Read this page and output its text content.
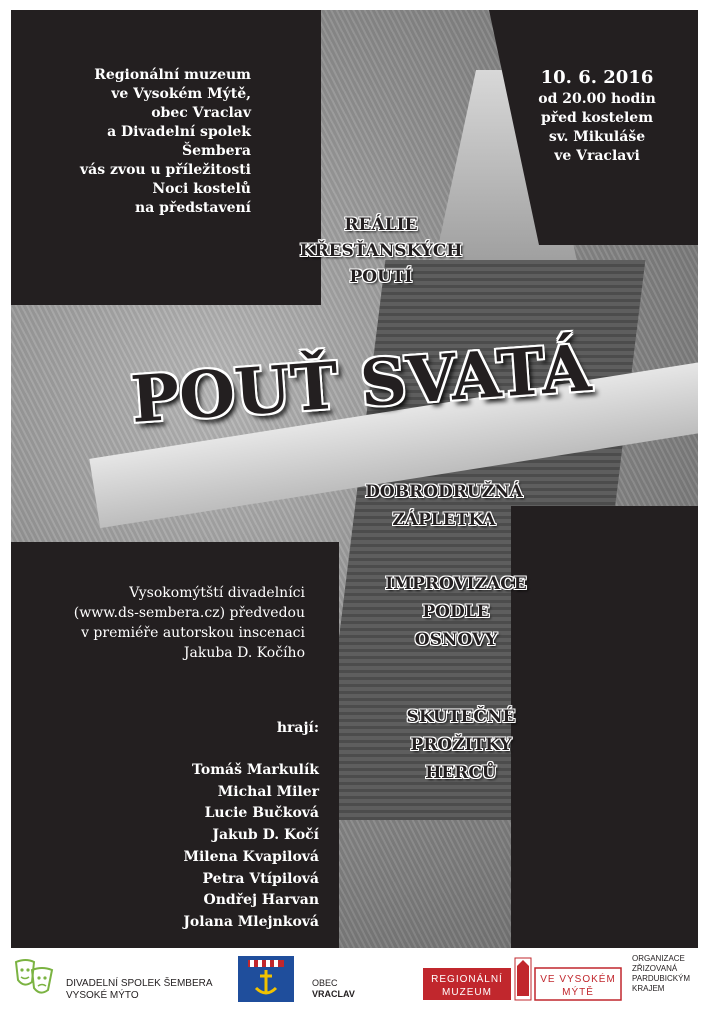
Regionální muzeum
ve Vysokém Mýtě,
obec Vraclav
a Divadelní spolek
Šembera
vás zvou u příležitosti
Noci kostelů
na představení
10. 6. 2016
od 20.00 hodin
před kostelem
sv. Mikuláše
ve Vraclavi
REÁLIE
KŘESŤANSKÝCH
POUTÍ
POUŤ SVATÁ
DOBRODRUŽNÁ
ZÁPLETKA
IMPROVIZACE
PODLE
OSNOVY
SKUTEČNÉ
PROŽITKY
HERCŮ
Vysokomýtští divadelníci
(www.ds-sembera.cz) předvedou
v premiéře autorskou inscenaci
Jakuba D. Kočího
hrají:
Tomáš Markulík
Michal Miler
Lucie Bučková
Jakub D. Kočí
Milena Kvapilová
Petra Vtípilová
Ondřej Harvan
Jolana Mlejnková
DIVADELNÍ SPOLEK ŠEMBERA
VYSOKÉ MÝTO
OBEC
VRACLAV
REGIONÁLNÍ
MUZEUM
VE VYSOKÉM
MÝTĚ
ORGANIZACE
ZŘIZOVANÁ
PARDUBICKÝM
KRAJEM
